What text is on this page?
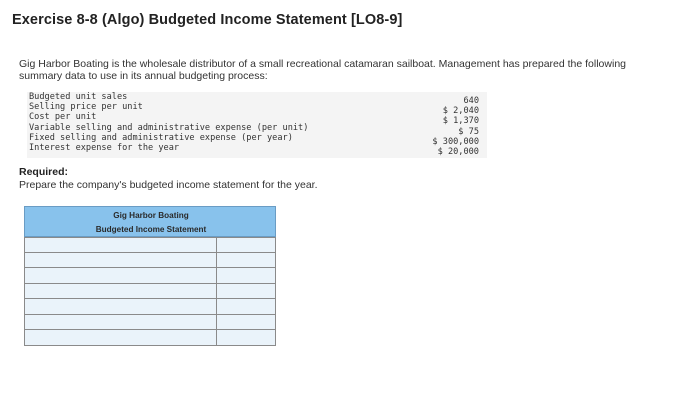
Exercise 8-8 (Algo) Budgeted Income Statement [LO8-9]
Gig Harbor Boating is the wholesale distributor of a small recreational catamaran sailboat. Management has prepared the following summary data to use in its annual budgeting process:
Budgeted unit sales
Selling price per unit
Cost per unit
Variable selling and administrative expense (per unit)
Fixed selling and administrative expense (per year)
Interest expense for the year
640
$ 2,040
$ 1,370
$ 75
$ 300,000
$ 20,000
Required:
Prepare the company's budgeted income statement for the year.
Gig Harbor Boating
Budgeted Income Statement
